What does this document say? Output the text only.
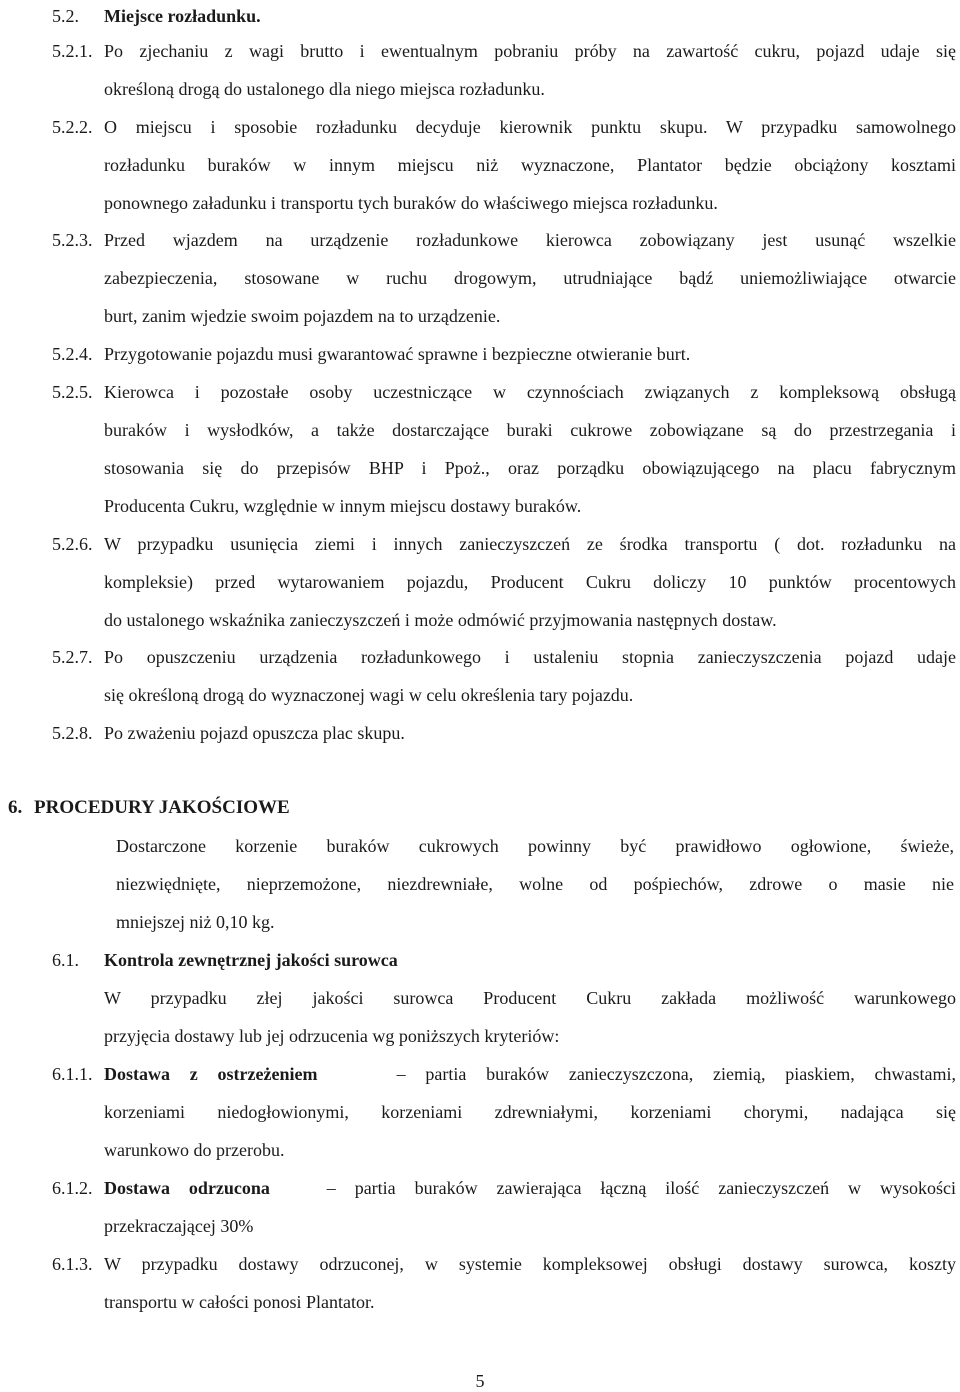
5.2. Miejsce rozładunku.
5.2.1. Po zjechaniu z wagi brutto i ewentualnym pobraniu próby na zawartość cukru, pojazd udaje się
określoną drogą do ustalonego dla niego miejsca rozładunku.
5.2.2. O miejscu i sposobie rozładunku decyduje kierownik punktu skupu. W przypadku samowolnego
rozładunku buraków w innym miejscu niż wyznaczone, Plantator będzie obciążony kosztami
ponownego załadunku i transportu tych buraków do właściwego miejsca rozładunku.
5.2.3. Przed wjazdem na urządzenie rozładunkowe kierowca zobowiązany jest usunąć wszelkie
zabezpieczenia, stosowane w ruchu drogowym, utrudniające bądź uniemożliwiające otwarcie
burt, zanim wjedzie swoim pojazdem na to urządzenie.
5.2.4. Przygotowanie pojazdu musi gwarantować sprawne i bezpieczne otwieranie burt.
5.2.5. Kierowca i pozostałe osoby uczestniczące w czynnościach związanych z kompleksową obsługą
buraków i wysłodków, a także dostarczające buraki cukrowe zobowiązane są do przestrzegania i
stosowania się do przepisów BHP i Ppoż., oraz porządku obowiązującego na placu fabrycznym
Producenta Cukru, względnie w innym miejscu dostawy buraków.
5.2.6. W przypadku usunięcia ziemi i innych zanieczyszczeń ze środka transportu ( dot. rozładunku na
kompleksie) przed wytarowaniem pojazdu, Producent Cukru doliczy 10 punktów procentowych
do ustalonego wskaźnika zanieczyszczeń i może odmówić przyjmowania następnych dostaw.
5.2.7. Po opuszczeniu urządzenia rozładunkowego i ustaleniu stopnia zanieczyszczenia pojazd udaje
się określoną drogą do wyznaczonej wagi w celu określenia tary pojazdu.
5.2.8. Po zważeniu pojazd opuszcza plac skupu.
6. PROCEDURY JAKOŚCIOWE
Dostarczone korzenie buraków cukrowych powinny być prawidłowo ogłowione, świeże,
niezwiędnięte, nieprzemożone, niezdrewniałe, wolne od pośpiechów, zdrowe o masie nie
mniejszej niż 0,10 kg.
6.1. Kontrola zewnętrznej jakości surowca
W przypadku złej jakości surowca Producent Cukru zakłada możliwość warunkowego
przyjęcia dostawy lub jej odrzucenia wg poniższych kryteriów:
6.1.1. Dostawa z ostrzeżeniem	– partia buraków zanieczyszczona, ziemią, piaskiem, chwastami,
korzeniami niedogłowionymi, korzeniami zdrewniałymi, korzeniami chorymi, nadająca się
warunkowo do przerobu.
6.1.2. Dostawa odrzucona	– partia buraków zawierająca łączną ilość zanieczyszczeń w wysokości
przekraczającej 30%
6.1.3. W przypadku dostawy odrzuconej, w systemie kompleksowej obsługi dostawy surowca, koszty
transportu w całości ponosi Plantator.
5
